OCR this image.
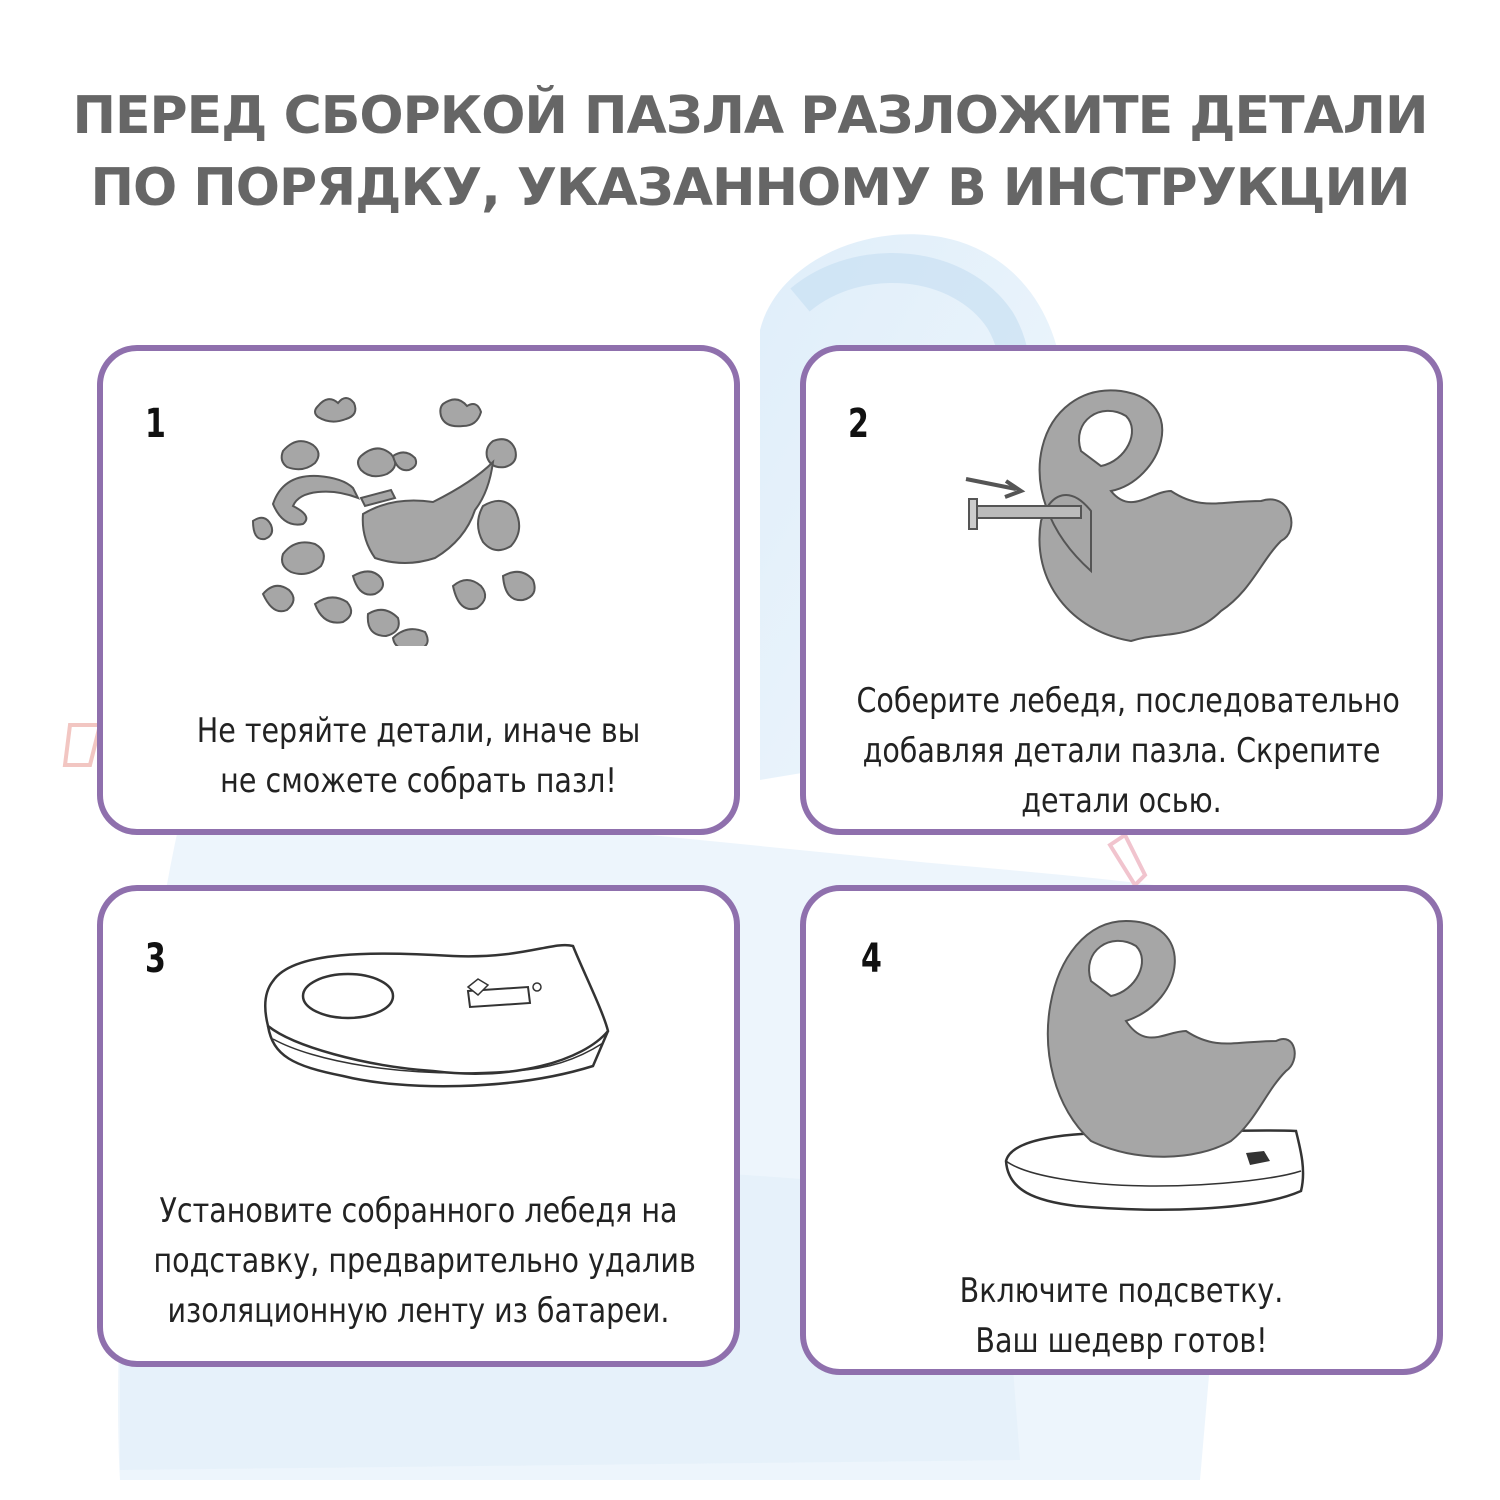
ПЕРЕД СБОРКОЙ ПАЗЛА РАЗЛОЖИТЕ ДЕТАЛИ
ПО ПОРЯДКУ, УКАЗАННОМУ В ИНСТРУКЦИИ
1
Не теряйте детали, иначе вы
не сможете собрать пазл!
2
Соберите лебедя, последовательно
добавляя детали пазла. Скрепите
детали осью.
3
Установите собранного лебедя на
подставку, предварительно удалив
изоляционную ленту из батареи.
4
Включите подсветку.
Ваш шедевр готов!
